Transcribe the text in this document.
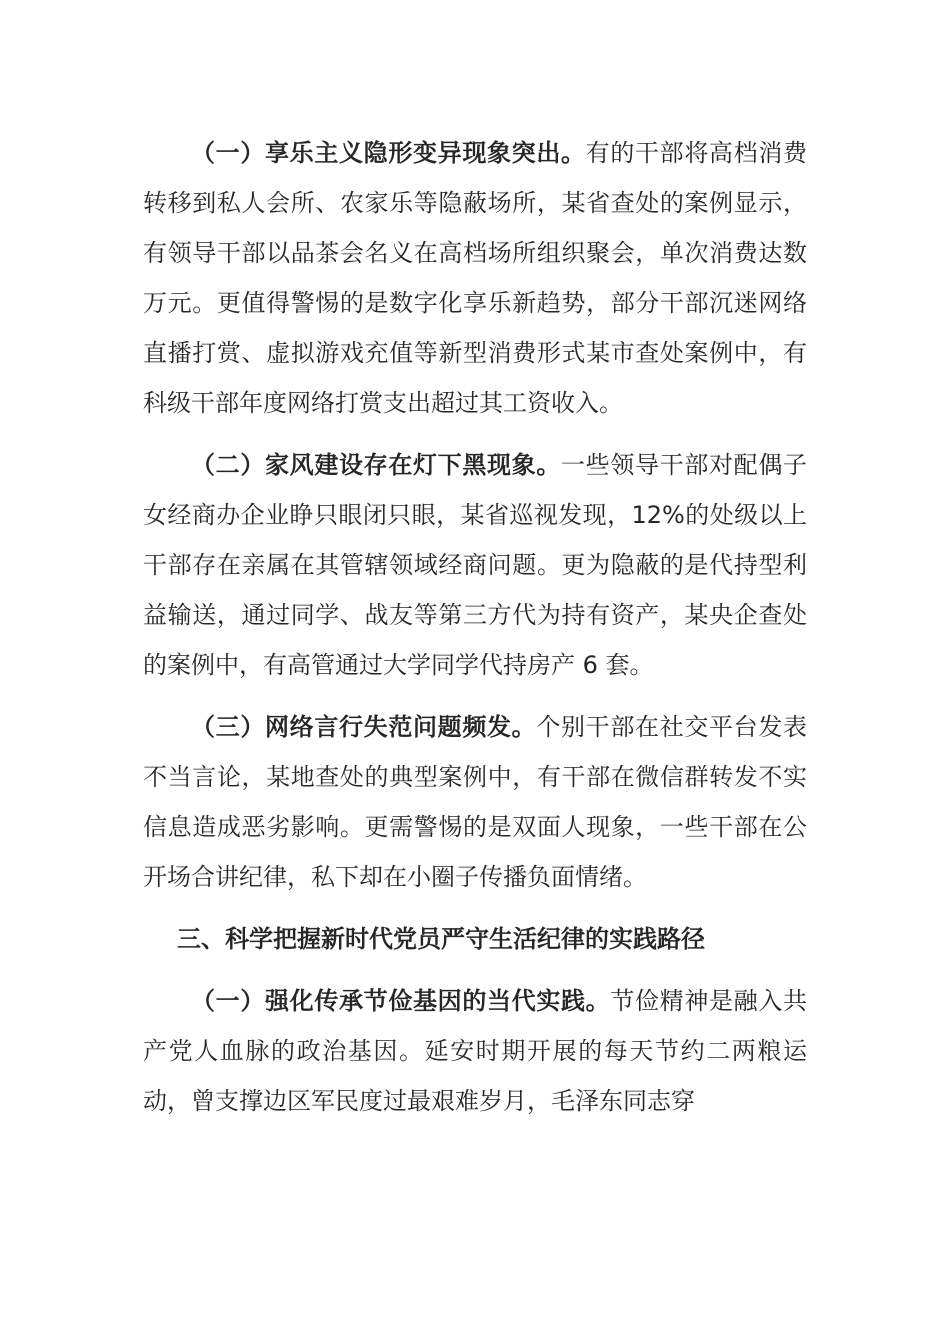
（一）享乐主义隐形变异现象突出。有的干部将高档消费转移到私人会所、农家乐等隐蔽场所，某省查处的案例显示，有领导干部以品茶会名义在高档场所组织聚会，单次消费达数万元。更值得警惕的是数字化享乐新趋势，部分干部沉迷网络直播打赏、虚拟游戏充值等新型消费形式某市查处案例中，有科级干部年度网络打赏支出超过其工资收入。

（二）家风建设存在灯下黑现象。一些领导干部对配偶子女经商办企业睁只眼闭只眼，某省巡视发现，12%的处级以上干部存在亲属在其管辖领域经商问题。更为隐蔽的是代持型利益输送，通过同学、战友等第三方代为持有资产，某央企查处的案例中，有高管通过大学同学代持房产 6 套。

（三）网络言行失范问题频发。个别干部在社交平台发表不当言论，某地查处的典型案例中，有干部在微信群转发不实信息造成恶劣影响。更需警惕的是双面人现象，一些干部在公开场合讲纪律，私下却在小圈子传播负面情绪。

三、科学把握新时代党员严守生活纪律的实践路径

（一）强化传承节俭基因的当代实践。节俭精神是融入共产党人血脉的政治基因。延安时期开展的每天节约二两粮运动，曾支撑边区军民度过最艰难岁月，毛泽东同志穿
